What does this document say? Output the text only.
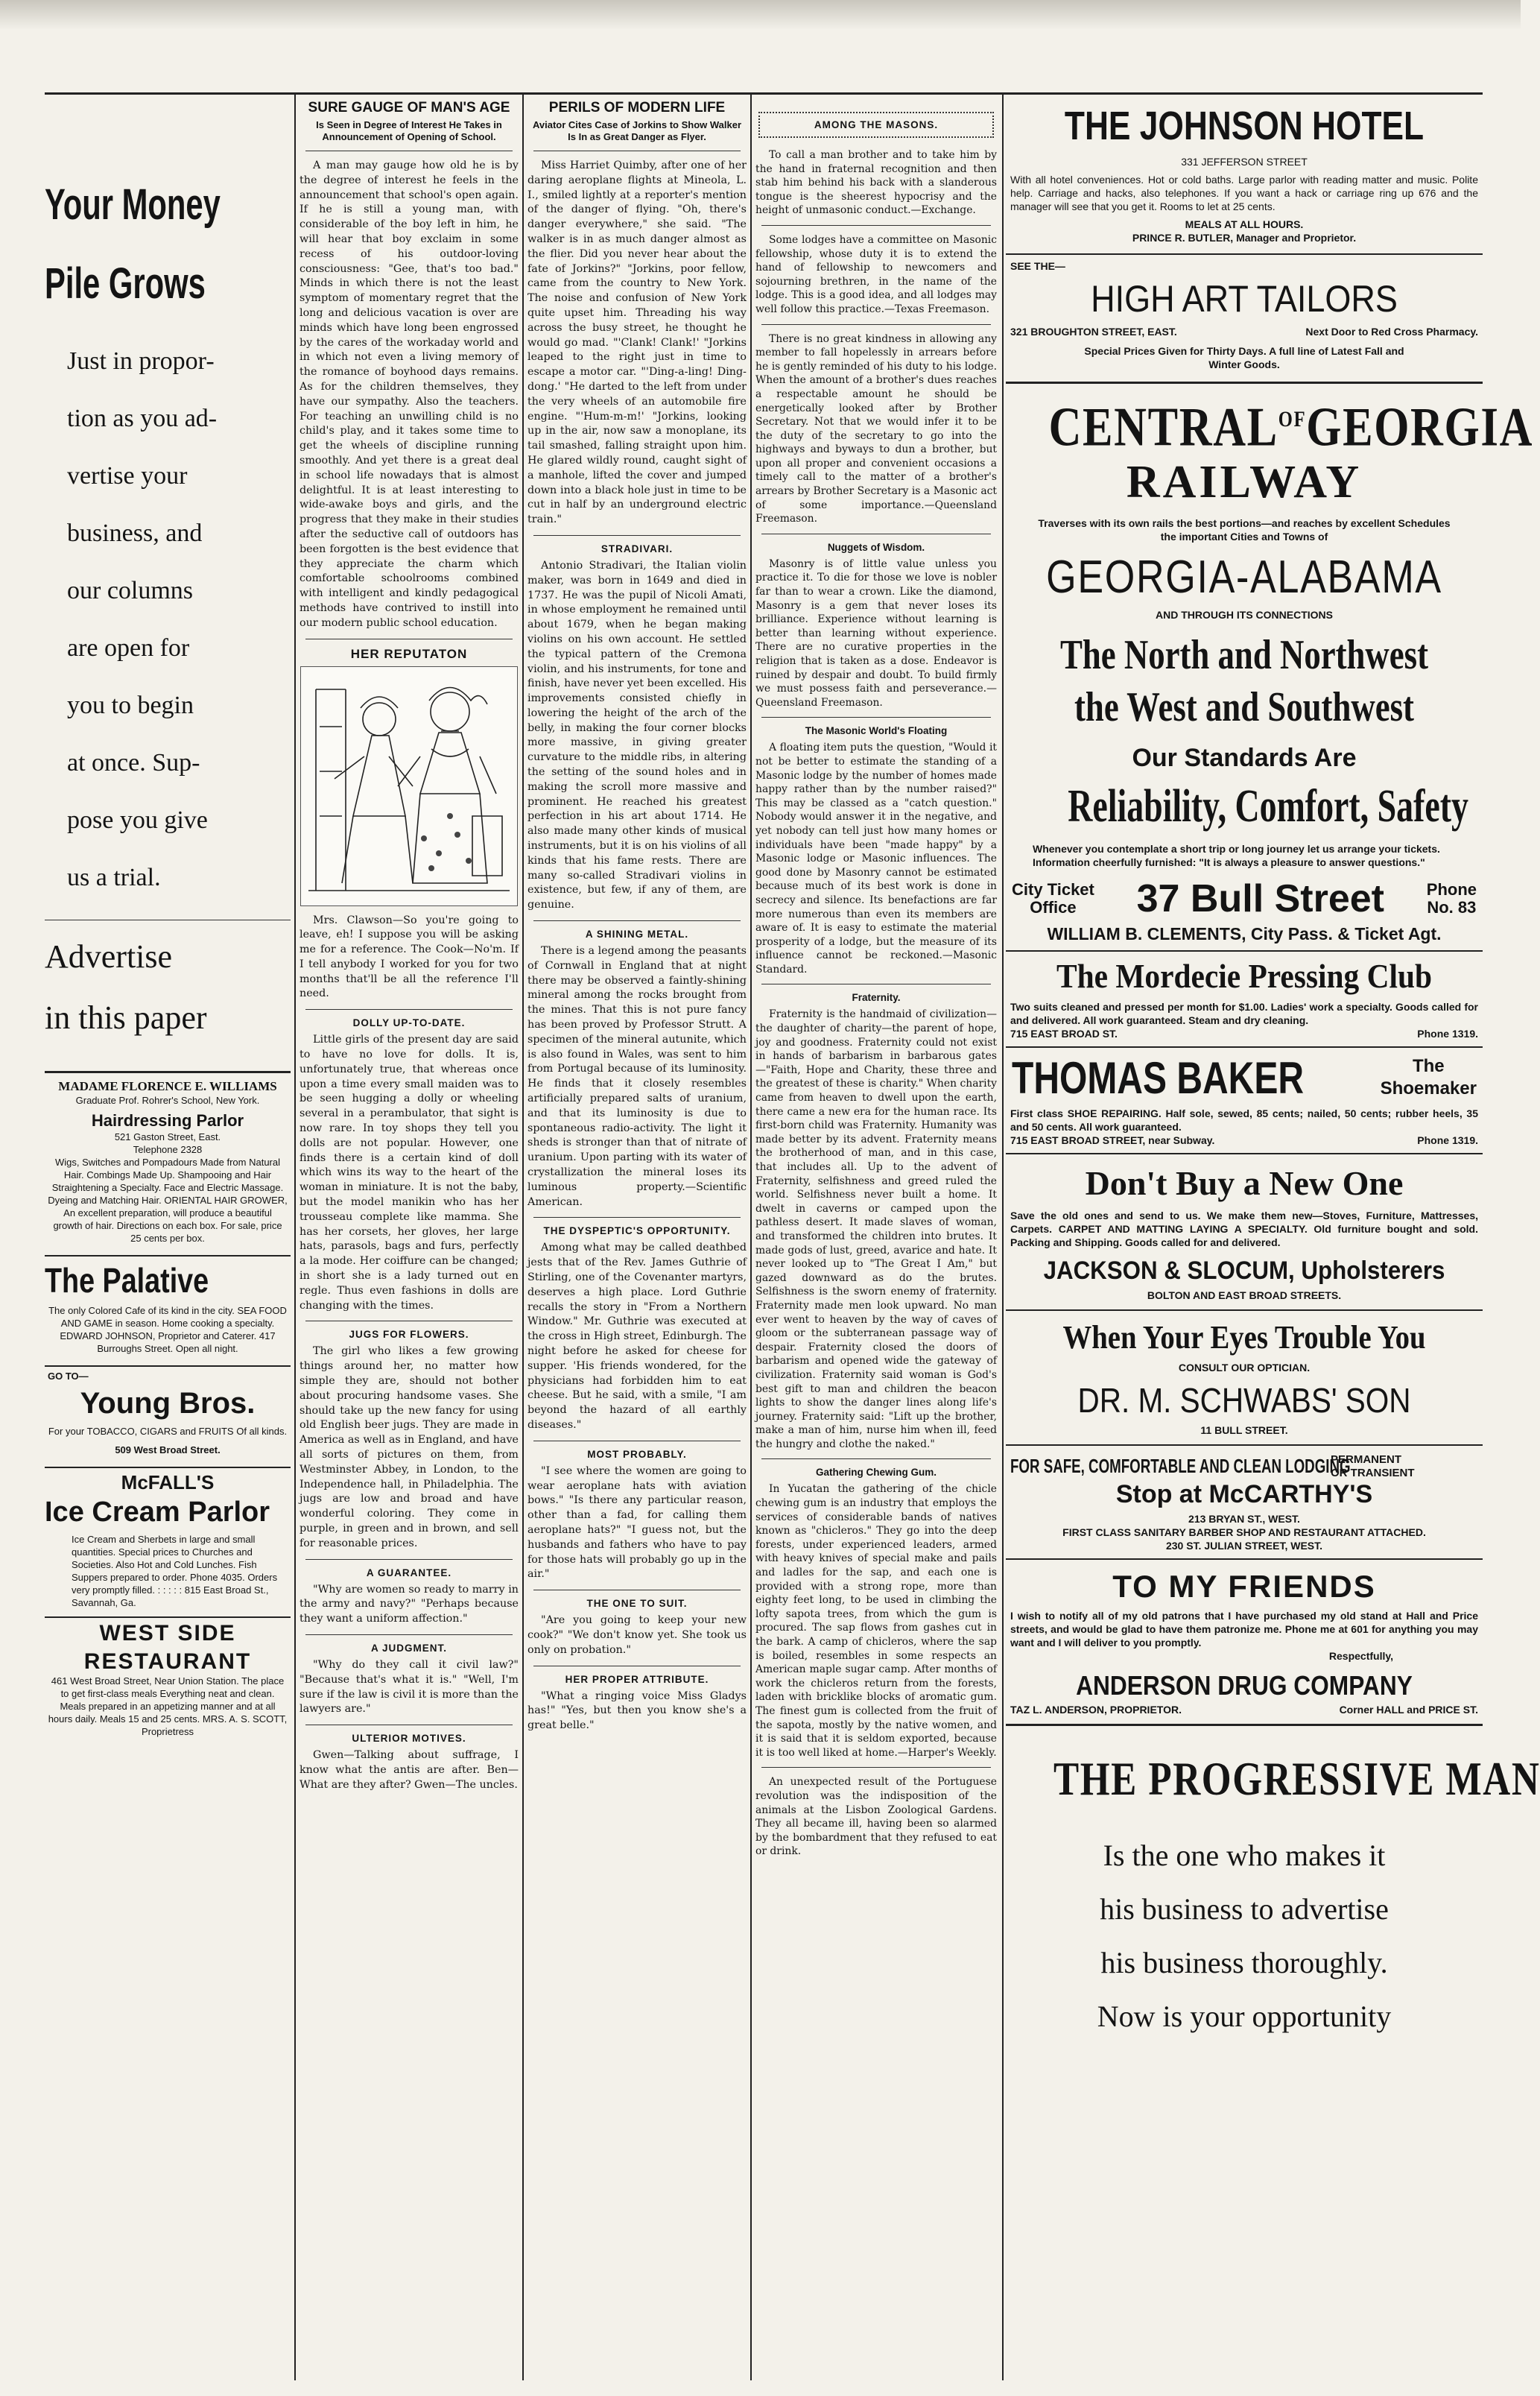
Your Money

Pile Grows

Just in propor-

tion as you ad-

vertise your

business, and

our columns

are open for

you to begin

at once. Sup-

pose you give

us a trial.

Advertise

in this paper

MADAME FLORENCE E. WILLIAMS

Graduate Prof. Rohrer's School, New York.

Hairdressing Parlor

521 Gaston Street, East.

Telephone 2328

Wigs, Switches and Pompadours Made from Natural Hair. Combings Made Up. Shampooing and Hair Straightening a Specialty. Face and Electric Massage. Dyeing and Matching Hair. ORIENTAL HAIR GROWER, An excellent preparation, will produce a beautiful growth of hair. Directions on each box. For sale, price 25 cents per box.

The Palative

The only Colored Cafe of its kind in the city. SEA FOOD AND GAME in season. Home cooking a specialty. EDWARD JOHNSON, Proprietor and Caterer. 417 Burroughs Street. Open all night.

GO TO—

Young Bros.

For your TOBACCO, CIGARS and FRUITS Of all kinds.

509 West Broad Street.

McFALL'S

Ice Cream Parlor

Ice Cream and Sherbets in large and small quantities. Special prices to Churches and Societies. Also Hot and Cold Lunches. Fish Suppers prepared to order. Phone 4035. Orders very promptly filled. : : : : : 815 East Broad St., Savannah, Ga.

WEST SIDE

RESTAURANT

461 West Broad Street, Near Union Station. The place to get first-class meals Everything neat and clean. Meals prepared in an appetizing manner and at all hours daily. Meals 15 and 25 cents. MRS. A. S. SCOTT, Proprietress

SURE GAUGE OF MAN'S AGE

Is Seen in Degree of Interest He Takes in Announcement of Opening of School.

A man may gauge how old he is by the degree of interest he feels in the announcement that school's open again. If he is still a young man, with considerable of the boy left in him, he will hear that boy exclaim in some recess of his outdoor-loving consciousness: "Gee, that's too bad." Minds in which there is not the least symptom of momentary regret that the long and delicious vacation is over are minds which have long been engrossed by the cares of the workaday world and in which not even a living memory of the romance of boyhood days remains. As for the children themselves, they have our sympathy. Also the teachers. For teaching an unwilling child is no child's play, and it takes some time to get the wheels of discipline running smoothly. And yet there is a great deal in school life nowadays that is almost delightful. It is at least interesting to wide-awake boys and girls, and the progress that they make in their studies after the seductive call of outdoors has been forgotten is the best evidence that they appreciate the charm which comfortable schoolrooms combined with intelligent and kindly pedagogical methods have contrived to instill into our modern public school education.

HER REPUTATON

Mrs. Clawson—So you're going to leave, eh! I suppose you will be asking me for a reference. The Cook—No'm. If I tell anybody I worked for you for two months that'll be all the reference I'll need.

DOLLY UP-TO-DATE.

Little girls of the present day are said to have no love for dolls. It is, unfortunately true, that whereas once upon a time every small maiden was to be seen hugging a dolly or wheeling several in a perambulator, that sight is now rare. In toy shops they tell you dolls are not popular. However, one finds there is a certain kind of doll which wins its way to the heart of the woman in miniature. It is not the baby, but the model manikin who has her trousseau complete like mamma. She has her corsets, her gloves, her large hats, parasols, bags and furs, perfectly a la mode. Her coiffure can be changed; in short she is a lady turned out en regle. Thus even fashions in dolls are changing with the times.

JUGS FOR FLOWERS.

The girl who likes a few growing things around her, no matter how simple they are, should not bother about procuring handsome vases. She should take up the new fancy for using old English beer jugs. They are made in America as well as in England, and have all sorts of pictures on them, from Westminster Abbey, in London, to the Independence hall, in Philadelphia. The jugs are low and broad and have wonderful coloring. They come in purple, in green and in brown, and sell for reasonable prices.

A GUARANTEE.

"Why are women so ready to marry in the army and navy?" "Perhaps because they want a uniform affection."

A JUDGMENT.

"Why do they call it civil law?" "Because that's what it is." "Well, I'm sure if the law is civil it is more than the lawyers are."

ULTERIOR MOTIVES.

Gwen—Talking about suffrage, I know what the antis are after. Ben—What are they after? Gwen—The uncles.

PERILS OF MODERN LIFE

Aviator Cites Case of Jorkins to Show Walker Is In as Great Danger as Flyer.

Miss Harriet Quimby, after one of her daring aeroplane flights at Mineola, L. I., smiled lightly at a reporter's mention of the danger of flying. "Oh, there's danger everywhere," she said. "The walker is in as much danger almost as the flier. Did you never hear about the fate of Jorkins?" "Jorkins, poor fellow, came from the country to New York. The noise and confusion of New York quite upset him. Threading his way across the busy street, he thought he would go mad. "'Clank! Clank!' "Jorkins leaped to the right just in time to escape a motor car. "'Ding-a-ling! Ding-dong.' "He darted to the left from under the very wheels of an automobile fire engine. "'Hum-m-m!' "Jorkins, looking up in the air, now saw a monoplane, its tail smashed, falling straight upon him. He glared wildly round, caught sight of a manhole, lifted the cover and jumped down into a black hole just in time to be cut in half by an underground electric train."

STRADIVARI.

Antonio Stradivari, the Italian violin maker, was born in 1649 and died in 1737. He was the pupil of Nicoli Amati, in whose employment he remained until about 1679, when he began making violins on his own account. He settled the typical pattern of the Cremona violin, and his instruments, for tone and finish, have never yet been excelled. His improvements consisted chiefly in lowering the height of the arch of the belly, in making the four corner blocks more massive, in giving greater curvature to the middle ribs, in altering the setting of the sound holes and in making the scroll more massive and prominent. He reached his greatest perfection in his art about 1714. He also made many other kinds of musical instruments, but it is on his violins of all kinds that his fame rests. There are many so-called Stradivari violins in existence, but few, if any of them, are genuine.

A SHINING METAL.

There is a legend among the peasants of Cornwall in England that at night there may be observed a faintly-shining mineral among the rocks brought from the mines. That this is not pure fancy has been proved by Professor Strutt. A specimen of the mineral autunite, which is also found in Wales, was sent to him from Portugal because of its luminosity. He finds that it closely resembles artificially prepared salts of uranium, and that its luminosity is due to spontaneous radio-activity. The light it sheds is stronger than that of nitrate of uranium. Upon parting with its water of crystallization the mineral loses its luminous property.—Scientific American.

THE DYSPEPTIC'S OPPORTUNITY.

Among what may be called deathbed jests that of the Rev. James Guthrie of Stirling, one of the Covenanter martyrs, deserves a high place. Lord Guthrie recalls the story in "From a Northern Window." Mr. Guthrie was executed at the cross in High street, Edinburgh. The night before he asked for cheese for supper. 'His friends wondered, for the physicians had forbidden him to eat cheese. But he said, with a smile, "I am beyond the hazard of all earthly diseases."

MOST PROBABLY.

"I see where the women are going to wear aeroplane hats with aviation bows." "Is there any particular reason, other than a fad, for calling them aeroplane hats?" "I guess not, but the husbands and fathers who have to pay for those hats will probably go up in the air."

THE ONE TO SUIT.

"Are you going to keep your new cook?" "We don't know yet. She took us only on probation."

HER PROPER ATTRIBUTE.

"What a ringing voice Miss Gladys has!" "Yes, but then you know she's a great belle."

AMONG THE MASONS.

To call a man brother and to take him by the hand in fraternal recognition and then stab him behind his back with a slanderous tongue is the sheerest hypocrisy and the height of unmasonic conduct.—Exchange.

Some lodges have a committee on Masonic fellowship, whose duty it is to extend the hand of fellowship to newcomers and sojourning brethren, in the name of the lodge. This is a good idea, and all lodges may well follow this practice.—Texas Freemason.

There is no great kindness in allowing any member to fall hopelessly in arrears before he is gently reminded of his duty to his lodge. When the amount of a brother's dues reaches a respectable amount he should be energetically looked after by Brother Secretary. Not that we would infer it to be the duty of the secretary to go into the highways and byways to dun a brother, but upon all proper and convenient occasions a timely call to the matter of a brother's arrears by Brother Secretary is a Masonic act of some importance.—Queensland Freemason.

Nuggets of Wisdom.

Masonry is of little value unless you practice it. To die for those we love is nobler far than to wear a crown. Like the diamond, Masonry is a gem that never loses its brilliance. Experience without learning is better than learning without experience. There are no curative properties in the religion that is taken as a dose. Endeavor is ruined by despair and doubt. To build firmly we must possess faith and perseverance.—Queensland Freemason.

The Masonic World's Floating

A floating item puts the question, "Would it not be better to estimate the standing of a Masonic lodge by the number of homes made happy rather than by the number raised?" This may be classed as a "catch question." Nobody would answer it in the negative, and yet nobody can tell just how many homes or individuals have been "made happy" by a Masonic lodge or Masonic influences. The good done by Masonry cannot be estimated because much of its best work is done in secrecy and silence. Its benefactions are far more numerous than even its members are aware of. It is easy to estimate the material prosperity of a lodge, but the measure of its influence cannot be reckoned.—Masonic Standard.

Fraternity.

Fraternity is the handmaid of civilization—the daughter of charity—the parent of hope, joy and goodness. Fraternity could not exist in hands of barbarism in barbarous gates—"Faith, Hope and Charity, these three and the greatest of these is charity." When charity came from heaven to dwell upon the earth, there came a new era for the human race. Its first-born child was Fraternity. Humanity was made better by its advent. Fraternity means the brotherhood of man, and in this case, that includes all. Up to the advent of Fraternity, selfishness and greed ruled the world. Selfishness never built a home. It dwelt in caverns or camped upon the pathless desert. It made slaves of woman, and transformed the children into brutes. It made gods of lust, greed, avarice and hate. It never looked up to "The Great I Am," but gazed downward as do the brutes. Selfishness is the sworn enemy of fraternity. Fraternity made men look upward. No man ever went to heaven by the way of caves of gloom or the subterranean passage way of despair. Fraternity closed the doors of barbarism and opened wide the gateway of civilization. Fraternity said woman is God's best gift to man and children the beacon lights to show the danger lines along life's journey. Fraternity said: "Lift up the brother, make a man of him, nurse him when ill, feed the hungry and clothe the naked."

Gathering Chewing Gum.

In Yucatan the gathering of the chicle chewing gum is an industry that employs the services of considerable bands of natives known as "chicleros." They go into the deep forests, under experienced leaders, armed with heavy knives of special make and pails and ladles for the sap, and each one is provided with a strong rope, more than eighty feet long, to be used in climbing the lofty sapota trees, from which the gum is procured. The sap flows from gashes cut in the bark. A camp of chicleros, where the sap is boiled, resembles in some respects an American maple sugar camp. After months of work the chicleros return from the forests, laden with bricklike blocks of aromatic gum. The finest gum is collected from the fruit of the sapota, mostly by the native women, and it is said that it is seldom exported, because it is too well liked at home.—Harper's Weekly.

An unexpected result of the Portuguese revolution was the indisposition of the animals at the Lisbon Zoological Gardens. They all became ill, having been so alarmed by the bombardment that they refused to eat or drink.

THE JOHNSON HOTEL

331 JEFFERSON STREET

With all hotel conveniences. Hot or cold baths. Large parlor with reading matter and music. Polite help. Carriage and hacks, also telephones. If you want a hack or carriage ring up 676 and the manager will see that you get it. Rooms to let at 25 cents.

MEALS AT ALL HOURS.

PRINCE R. BUTLER, Manager and Proprietor.

SEE THE—

HIGH ART TAILORS

321 BROUGHTON STREET, EAST.	Next Door to Red Cross Pharmacy.

Special Prices Given for Thirty Days. A full line of Latest Fall and Winter Goods.

$CENTRAL^{OF}GEORGIA$

RAILWAY

Traverses with its own rails the best portions—and reaches by excellent Schedules the important Cities and Towns of

GEORGIA-ALABAMA

AND THROUGH ITS CONNECTIONS

The North and Northwest

the West and Southwest

Our Standards Are

Reliability, Comfort, Safety

Whenever you contemplate a short trip or long journey let us arrange your tickets. Information cheerfully furnished: "It is always a pleasure to answer questions."

City Ticket
Office	37 Bull Street	Phone
No. 83

WILLIAM B. CLEMENTS, City Pass. & Ticket Agt.

The Mordecie Pressing Club

Two suits cleaned and pressed per month for $1.00. Ladies' work a specialty. Goods called for and delivered. All work guaranteed. Steam and dry cleaning.

715 EAST BROAD ST.	Phone 1319.
THOMAS BAKER	The
Shoemaker

First class SHOE REPAIRING. Half sole, sewed, 85 cents; nailed, 50 cents; rubber heels, 35 and 50 cents. All work guaranteed.

715 EAST BROAD STREET, near Subway.	Phone 1319.

Don't Buy a New One

Save the old ones and send to us. We make them new—Stoves, Furniture, Mattresses, Carpets. CARPET AND MATTING LAYING A SPECIALTY. Old furniture bought and sold. Packing and Shipping. Goods called for and delivered.

JACKSON & SLOCUM, Upholsterers

BOLTON AND EAST BROAD STREETS.

When Your Eyes Trouble You

CONSULT OUR OPTICIAN.

DR. M. SCHWABS' SON

11 BULL STREET.

FOR SAFE, COMFORTABLE AND CLEAN LODGING
PERMANENT
OR TRANSIENT

Stop at McCARTHY'S

213 BRYAN ST., WEST.

FIRST CLASS SANITARY BARBER SHOP AND RESTAURANT ATTACHED.

230 ST. JULIAN STREET, WEST.

TO MY FRIENDS

I wish to notify all of my old patrons that I have purchased my old stand at Hall and Price streets, and would be glad to have them patronize me. Phone me at 601 for anything you may want and I will deliver to you promptly.

Respectfully,

ANDERSON DRUG COMPANY

TAZ L. ANDERSON, PROPRIETOR.	Corner HALL and PRICE ST.

THE PROGRESSIVE MAN

Is the one who makes it

his business to advertise

his business thoroughly.

Now is your opportunity
